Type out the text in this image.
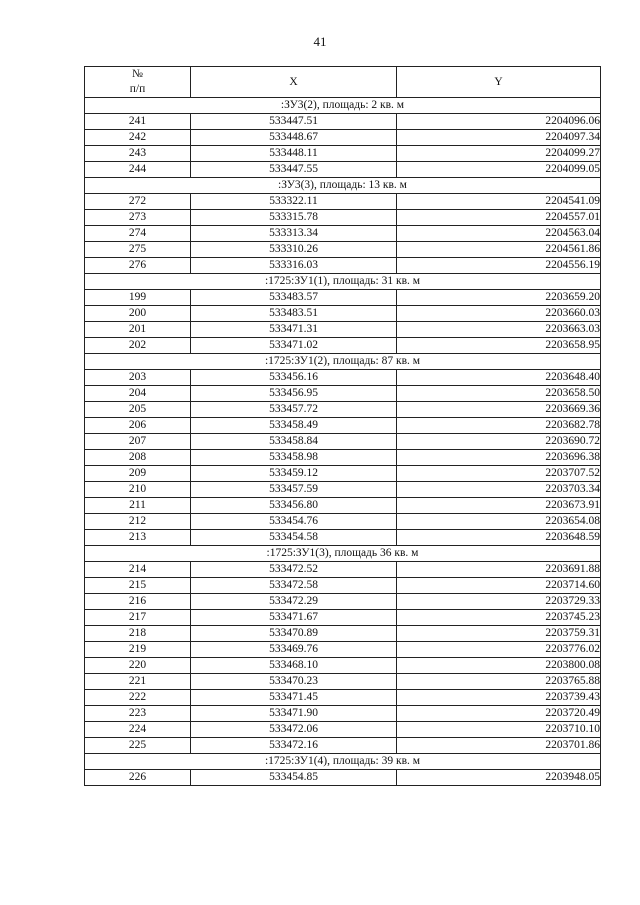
41
№
п/п	X	Y
:ЗУ3(2), площадь: 2 кв. м		
241	533447.51	2204096.06
242	533448.67	2204097.34
243	533448.11	2204099.27
244	533447.55	2204099.05
:ЗУ3(3), площадь: 13 кв. м		
272	533322.11	2204541.09
273	533315.78	2204557.01
274	533313.34	2204563.04
275	533310.26	2204561.86
276	533316.03	2204556.19
:1725:ЗУ1(1), площадь: 31 кв. м		
199	533483.57	2203659.20
200	533483.51	2203660.03
201	533471.31	2203663.03
202	533471.02	2203658.95
:1725:ЗУ1(2), площадь: 87 кв. м		
203	533456.16	2203648.40
204	533456.95	2203658.50
205	533457.72	2203669.36
206	533458.49	2203682.78
207	533458.84	2203690.72
208	533458.98	2203696.38
209	533459.12	2203707.52
210	533457.59	2203703.34
211	533456.80	2203673.91
212	533454.76	2203654.08
213	533454.58	2203648.59
:1725:ЗУ1(3), площадь 36 кв. м		
214	533472.52	2203691.88
215	533472.58	2203714.60
216	533472.29	2203729.33
217	533471.67	2203745.23
218	533470.89	2203759.31
219	533469.76	2203776.02
220	533468.10	2203800.08
221	533470.23	2203765.88
222	533471.45	2203739.43
223	533471.90	2203720.49
224	533472.06	2203710.10
225	533472.16	2203701.86
:1725:ЗУ1(4), площадь: 39 кв. м		
226	533454.85	2203948.05
